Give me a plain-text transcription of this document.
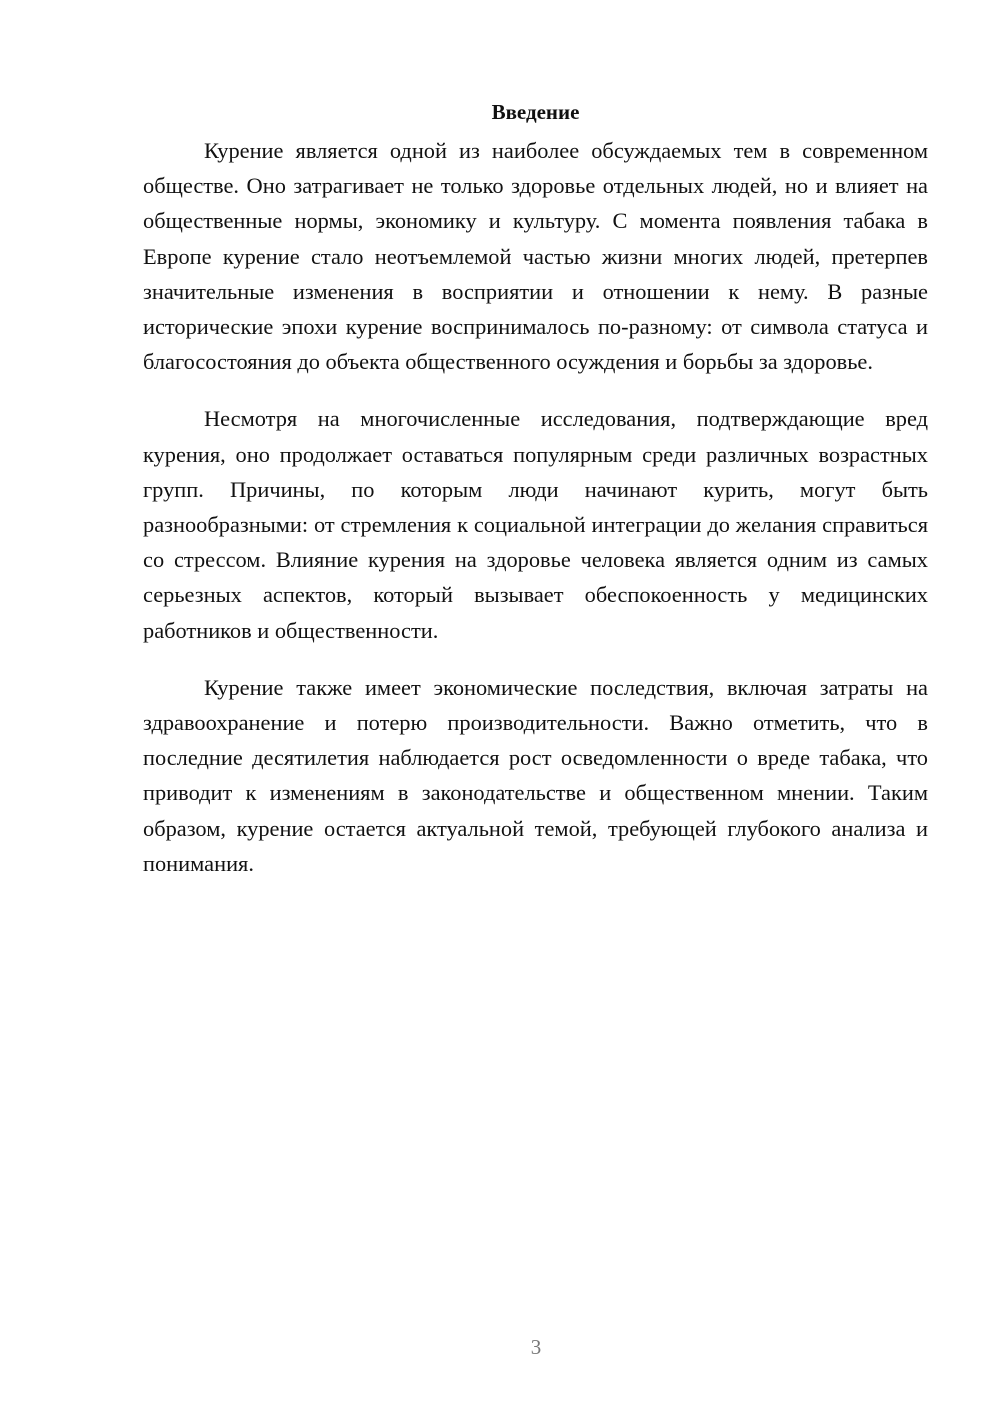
Введение

Курение является одной из наиболее обсуждаемых тем в современном обществе. Оно затрагивает не только здоровье отдельных людей, но и влияет на общественные нормы, экономику и культуру. С момента появления табака в Европе курение стало неотъемлемой частью жизни многих людей, претерпев значительные изменения в восприятии и отношении к нему. В разные исторические эпохи курение воспринималось по-разному: от символа статуса и благосостояния до объекта общественного осуждения и борьбы за здоровье.

Несмотря на многочисленные исследования, подтверждающие вред курения, оно продолжает оставаться популярным среди различных возрастных групп. Причины, по которым люди начинают курить, могут быть разнообразными: от стремления к социальной интеграции до желания справиться со стрессом. Влияние курения на здоровье человека является одним из самых серьезных аспектов, который вызывает обеспокоенность у медицинских работников и общественности.

Курение также имеет экономические последствия, включая затраты на здравоохранение и потерю производительности. Важно отметить, что в последние десятилетия наблюдается рост осведомленности о вреде табака, что приводит к изменениям в законодательстве и общественном мнении. Таким образом, курение остается актуальной темой, требующей глубокого анализа и понимания.

3
